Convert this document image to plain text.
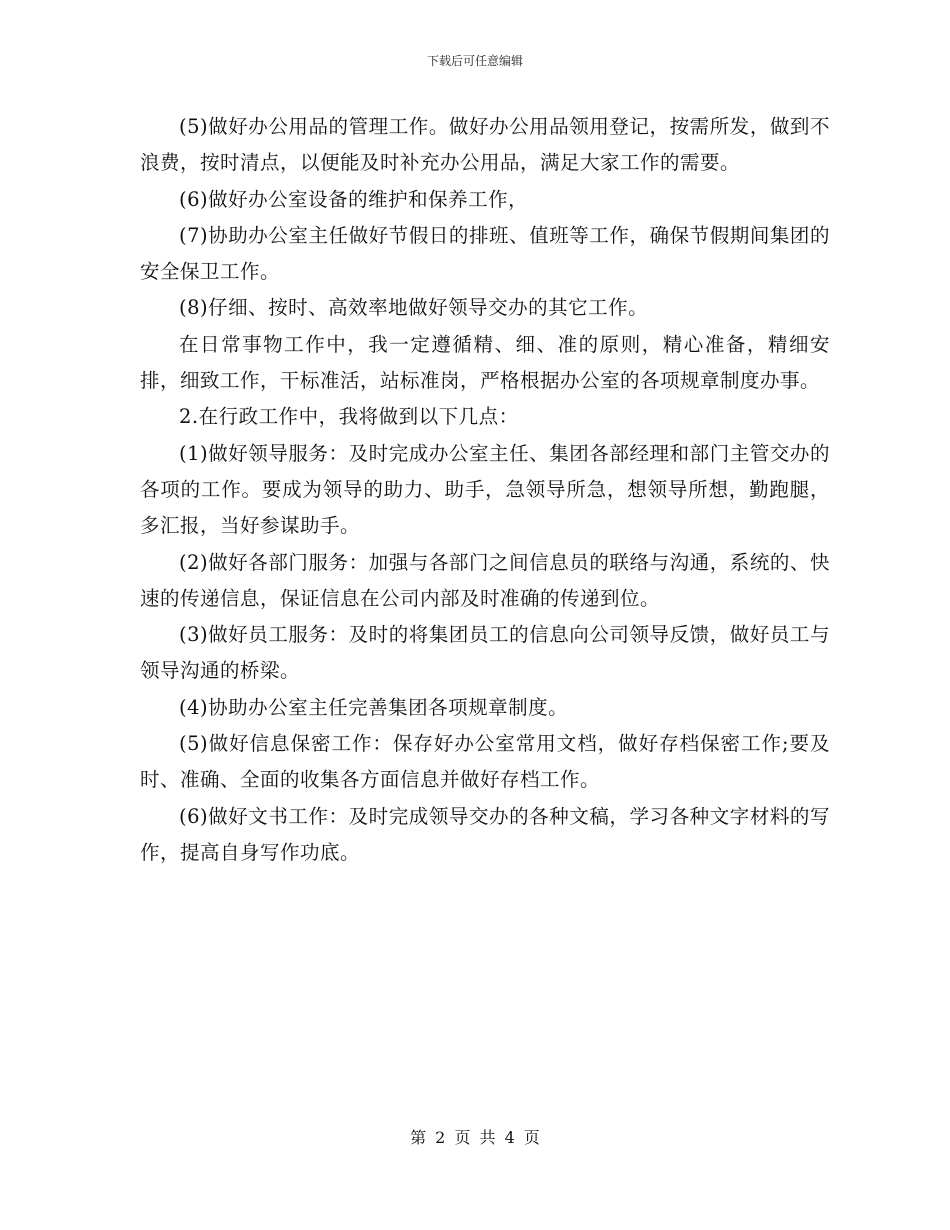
下载后可任意编辑

(5)做好办公用品的管理工作。做好办公用品领用登记，按需所发，做到不浪费，按时清点，以便能及时补充办公用品，满足大家工作的需要。

(6)做好办公室设备的维护和保养工作，

(7)协助办公室主任做好节假日的排班、值班等工作，确保节假期间集团的安全保卫工作。

(8)仔细、按时、高效率地做好领导交办的其它工作。

在日常事物工作中，我一定遵循精、细、准的原则，精心准备，精细安排，细致工作，干标准活，站标准岗，严格根据办公室的各项规章制度办事。

2.在行政工作中，我将做到以下几点：

(1)做好领导服务：及时完成办公室主任、集团各部经理和部门主管交办的各项的工作。要成为领导的助力、助手，急领导所急，想领导所想，勤跑腿，多汇报，当好参谋助手。

(2)做好各部门服务：加强与各部门之间信息员的联络与沟通，系统的、快速的传递信息，保证信息在公司内部及时准确的传递到位。

(3)做好员工服务：及时的将集团员工的信息向公司领导反馈，做好员工与领导沟通的桥梁。

(4)协助办公室主任完善集团各项规章制度。

(5)做好信息保密工作：保存好办公室常用文档，做好存档保密工作;要及时、准确、全面的收集各方面信息并做好存档工作。

(6)做好文书工作：及时完成领导交办的各种文稿，学习各种文字材料的写作，提高自身写作功底。

第 2 页 共 4 页
